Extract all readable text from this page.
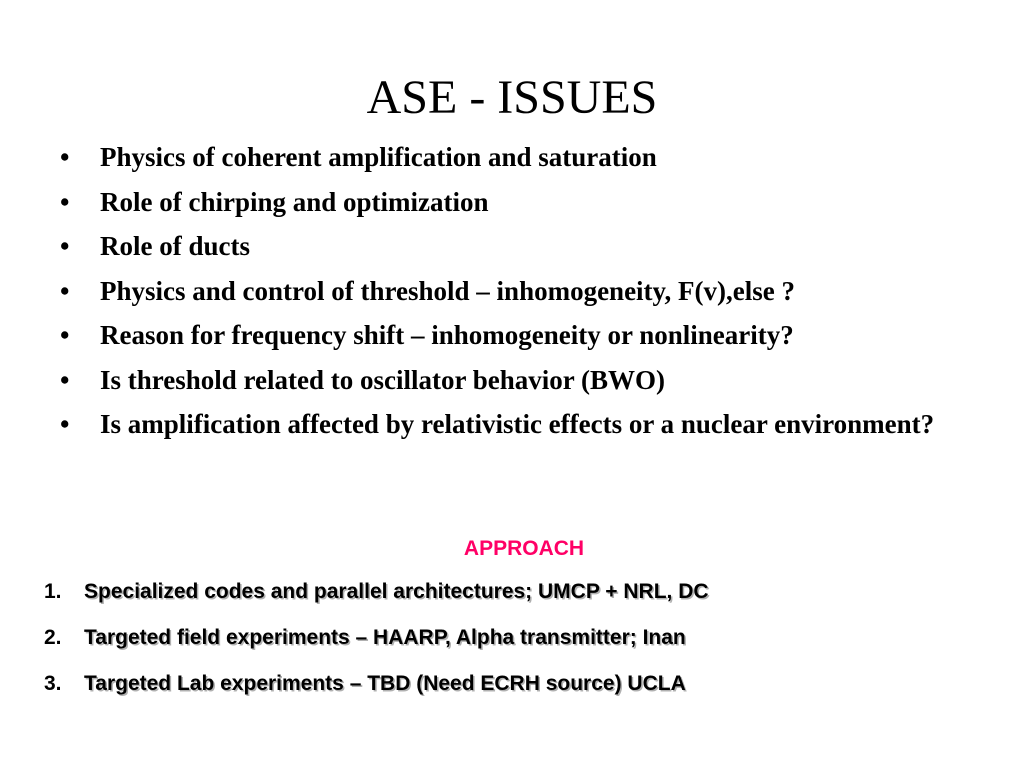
ASE - ISSUES
• Physics of coherent amplification and saturation
• Role of chirping and optimization
• Role of ducts
• Physics and control of threshold – inhomogeneity, F(v),else ?
• Reason for frequency shift – inhomogeneity or nonlinearity?
• Is threshold related to oscillator behavior (BWO)
• Is amplification affected by relativistic effects or a nuclear environment?
APPROACH
1. Specialized codes and parallel architectures; UMCP + NRL, DC
2. Targeted field experiments – HAARP, Alpha transmitter; Inan
3. Targeted Lab experiments – TBD (Need ECRH source) UCLA
